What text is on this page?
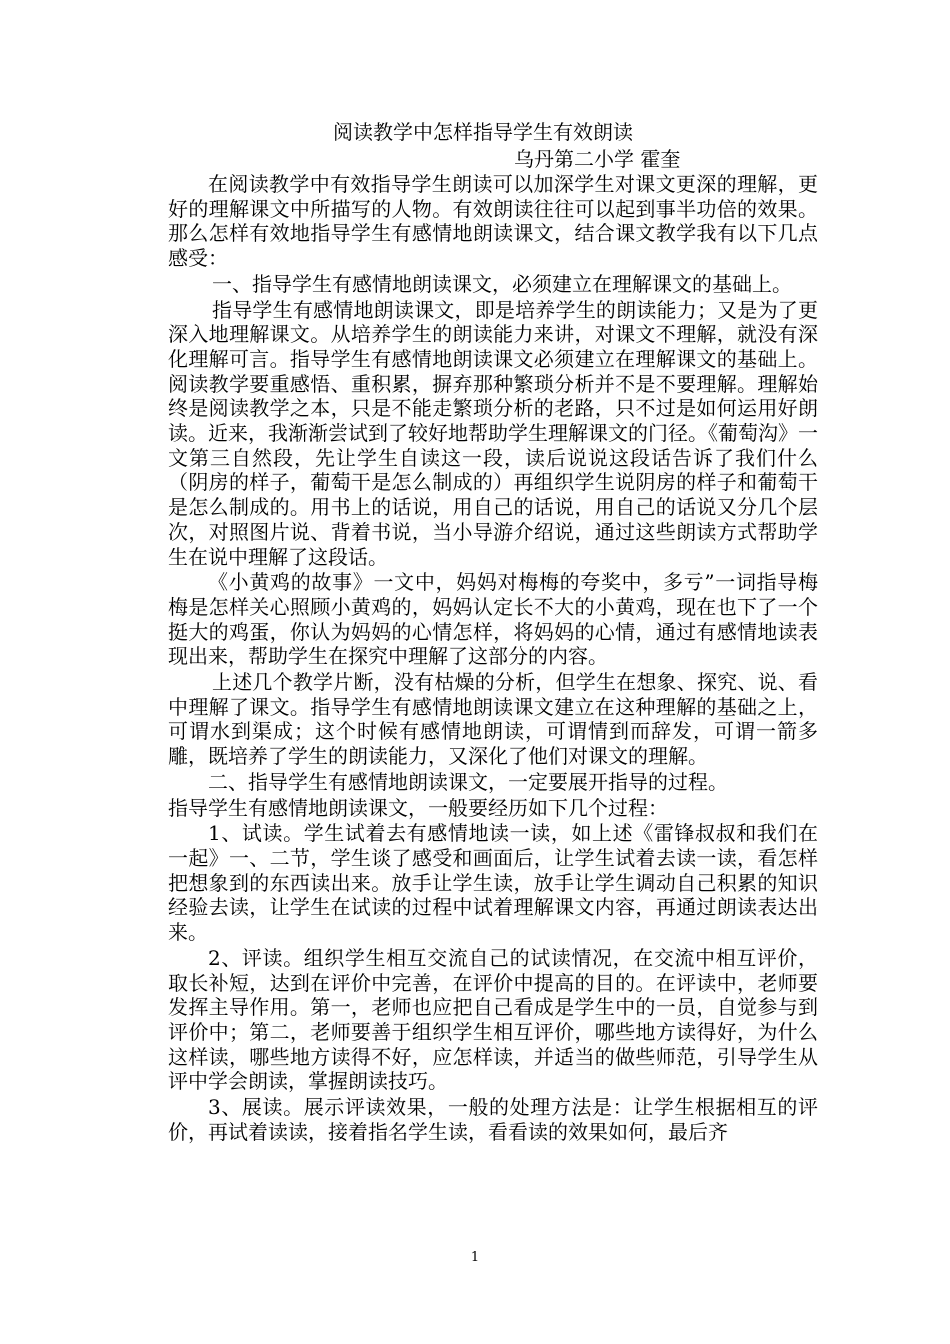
阅读教学中怎样指导学生有效朗读
乌丹第二小学 霍奎

在阅读教学中有效指导学生朗读可以加深学生对课文更深的理解，更好的理解课文中所描写的人物。有效朗读往往可以起到事半功倍的效果。那么怎样有效地指导学生有感情地朗读课文，结合课文教学我有以下几点感受：

一、指导学生有感情地朗读课文，必须建立在理解课文的基础上。

指导学生有感情地朗读课文，即是培养学生的朗读能力；又是为了更深入地理解课文。从培养学生的朗读能力来讲，对课文不理解，就没有深化理解可言。指导学生有感情地朗读课文必须建立在理解课文的基础上。阅读教学要重感悟、重积累，摒弃那种繁琐分析并不是不要理解。理解始终是阅读教学之本，只是不能走繁琐分析的老路，只不过是如何运用好朗读。近来，我渐渐尝试到了较好地帮助学生理解课文的门径。《葡萄沟》一文第三自然段，先让学生自读这一段，读后说说这段话告诉了我们什么（阴房的样子，葡萄干是怎么制成的）再组织学生说阴房的样子和葡萄干是怎么制成的。用书上的话说，用自己的话说，用自己的话说又分几个层次，对照图片说、背着书说，当小导游介绍说，通过这些朗读方式帮助学生在说中理解了这段话。

《小黄鸡的故事》一文中，妈妈对梅梅的夸奖中，多亏”一词指导梅梅是怎样关心照顾小黄鸡的，妈妈认定长不大的小黄鸡，现在也下了一个挺大的鸡蛋，你认为妈妈的心情怎样，将妈妈的心情，通过有感情地读表现出来，帮助学生在探究中理解了这部分的内容。

上述几个教学片断，没有枯燥的分析，但学生在想象、探究、说、看中理解了课文。指导学生有感情地朗读课文建立在这种理解的基础之上，可谓水到渠成；这个时候有感情地朗读，可谓情到而辞发，可谓一箭多雕，既培养了学生的朗读能力，又深化了他们对课文的理解。

二、指导学生有感情地朗读课文，一定要展开指导的过程。

指导学生有感情地朗读课文，一般要经历如下几个过程：

1、试读。学生试着去有感情地读一读，如上述《雷锋叔叔和我们在一起》一、二节，学生谈了感受和画面后，让学生试着去读一读，看怎样把想象到的东西读出来。放手让学生读，放手让学生调动自己积累的知识经验去读，让学生在试读的过程中试着理解课文内容，再通过朗读表达出来。

2、评读。组织学生相互交流自己的试读情况，在交流中相互评价，取长补短，达到在评价中完善，在评价中提高的目的。在评读中，老师要发挥主导作用。第一，老师也应把自己看成是学生中的一员，自觉参与到评价中；第二，老师要善于组织学生相互评价，哪些地方读得好，为什么这样读，哪些地方读得不好，应怎样读，并适当的做些师范，引导学生从评中学会朗读，掌握朗读技巧。

3、展读。展示评读效果，一般的处理方法是：让学生根据相互的评价，再试着读读，接着指名学生读，看看读的效果如何，最后齐

1
